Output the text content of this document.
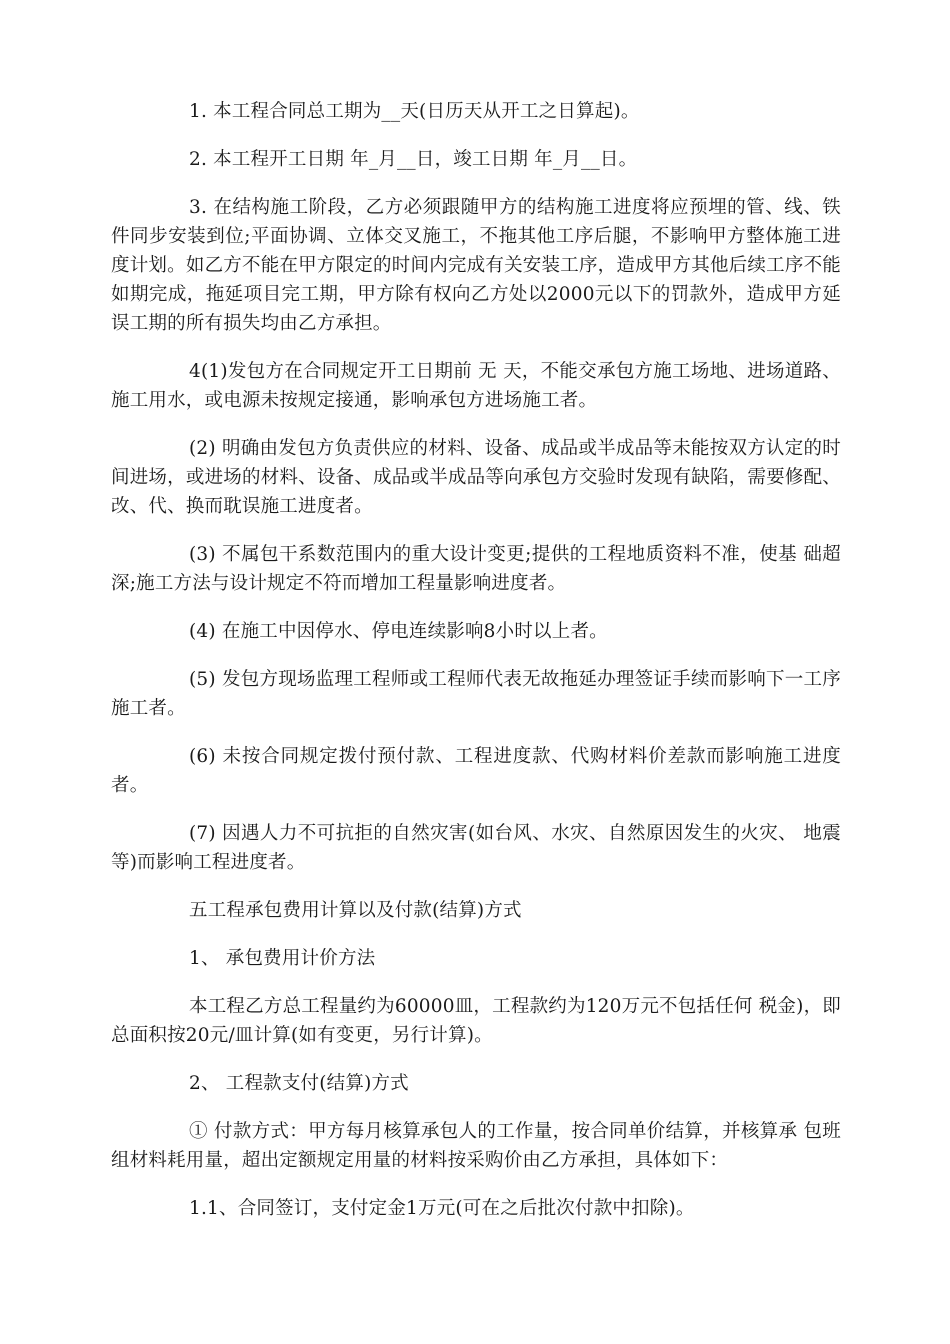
1. 本工程合同总工期为__天(日历天从开工之日算起)。

2. 本工程开工日期 年_月__日，竣工日期 年_月__日。

3. 在结构施工阶段，乙方必须跟随甲方的结构施工进度将应预埋的管、线、铁件同步安装到位;平面协调、立体交叉施工，不拖其他工序后腿，不影响甲方整体施工进度计划。如乙方不能在甲方限定的时间内完成有关安装工序，造成甲方其他后续工序不能如期完成，拖延项目完工期，甲方除有权向乙方处以2000元以下的罚款外，造成甲方延误工期的所有损失均由乙方承担。

4(1)发包方在合同规定开工日期前 无 天，不能交承包方施工场地、进场道路、施工用水，或电源未按规定接通，影响承包方进场施工者。

(2) 明确由发包方负责供应的材料、设备、成品或半成品等未能按双方认定的时间进场，或进场的材料、设备、成品或半成品等向承包方交验时发现有缺陷，需要修配、改、代、换而耽误施工进度者。

(3) 不属包干系数范围内的重大设计变更;提供的工程地质资料不准，使基 础超深;施工方法与设计规定不符而增加工程量影响进度者。

(4) 在施工中因停水、停电连续影响8小时以上者。

(5) 发包方现场监理工程师或工程师代表无故拖延办理签证手续而影响下一工序施工者。

(6) 未按合同规定拨付预付款、工程进度款、代购材料价差款而影响施工进度者。

(7) 因遇人力不可抗拒的自然灾害(如台风、水灾、自然原因发生的火灾、 地震等)而影响工程进度者。

五工程承包费用计算以及付款(结算)方式

1、 承包费用计价方法

本工程乙方总工程量约为60000皿，工程款约为120万元不包括任何 税金)，即总面积按20元/皿计算(如有变更，另行计算)。

2、 工程款支付(结算)方式

① 付款方式：甲方每月核算承包人的工作量，按合同单价结算，并核算承 包班组材料耗用量，超出定额规定用量的材料按采购价由乙方承担，具体如下：

1.1、合同签订，支付定金1万元(可在之后批次付款中扣除)。
